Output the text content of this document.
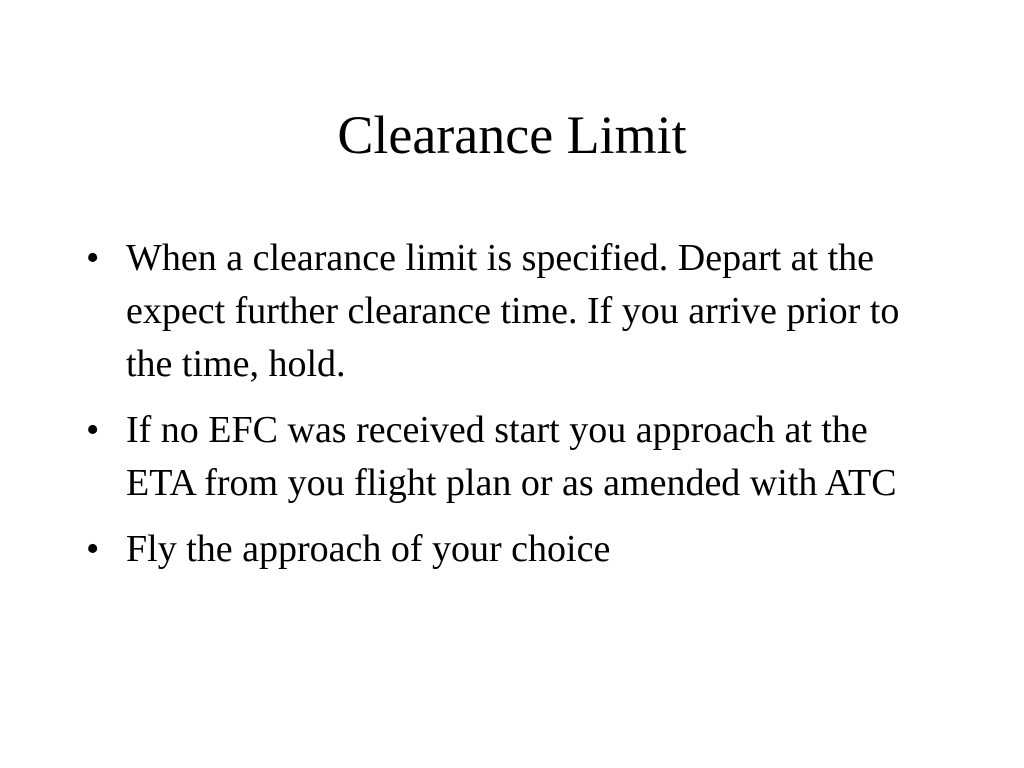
Clearance Limit
• When a clearance limit is specified. Depart at the expect further clearance time. If you arrive prior to the time, hold.
• If no EFC was received start you approach at the ETA from you flight plan or as amended with ATC
• Fly the approach of your choice
